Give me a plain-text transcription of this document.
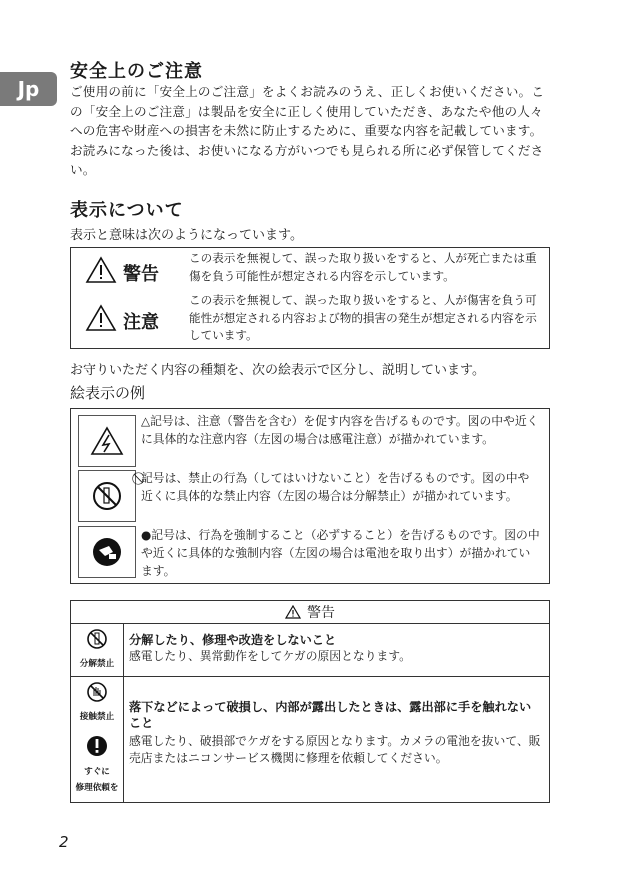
Jp
安全上のご注意
ご使用の前に「安全上のご注意」をよくお読みのうえ、正しくお使いください。この「安全上のご注意」は製品を安全に正しく使用していただき、あなたや他の人々への危害や財産への損害を未然に防止するために、重要な内容を記載しています。お読みになった後は、お使いになる方がいつでも見られる所に必ず保管してください。
表示について
表示と意味は次のようになっています。
警告
この表示を無視して、誤った取り扱いをすると、人が死亡または重傷を負う可能性が想定される内容を示しています。
注意
この表示を無視して、誤った取り扱いをすると、人が傷害を負う可能性が想定される内容および物的損害の発生が想定される内容を示しています。
お守りいただく内容の種類を、次の絵表示で区分し、説明しています。
絵表示の例
△記号は、注意（警告を含む）を促す内容を告げるものです。図の中や近くに具体的な注意内容（左図の場合は感電注意）が描かれています。
⃠記号は、禁止の行為（してはいけないこと）を告げるものです。図の中や近くに具体的な禁止内容（左図の場合は分解禁止）が描かれています。
●記号は、行為を強制すること（必ずすること）を告げるものです。図の中や近くに具体的な強制内容（左図の場合は電池を取り出す）が描かれています。
警告
分解禁止
分解したり、修理や改造をしないこと
感電したり、異常動作をしてケガの原因となります。
接触禁止
すぐに
修理依頼を
落下などによって破損し、内部が露出したときは、露出部に手を触れないこと
感電したり、破損部でケガをする原因となります。カメラの電池を抜いて、販売店またはニコンサービス機関に修理を依頼してください。
2
